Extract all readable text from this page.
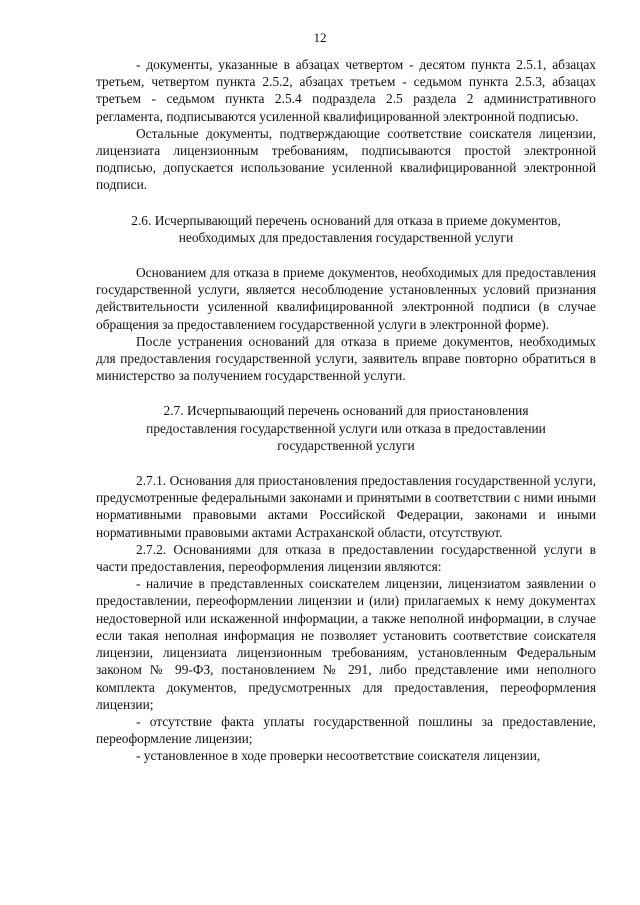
12

- документы, указанные в абзацах четвертом - десятом пункта 2.5.1, абзацах третьем, четвертом пункта 2.5.2, абзацах третьем - седьмом пункта 2.5.3, абзацах третьем - седьмом пункта 2.5.4 подраздела 2.5 раздела 2 административного регламента, подписываются усиленной квалифицированной электронной подписью.

Остальные документы, подтверждающие соответствие соискателя лицензии, лицензиата лицензионным требованиям, подписываются простой электронной подписью, допускается использование усиленной квалифицированной электронной подписи.

2.6. Исчерпывающий перечень оснований для отказа в приеме документов, необходимых для предоставления государственной услуги

Основанием для отказа в приеме документов, необходимых для предоставления государственной услуги, является несоблюдение установленных условий признания действительности усиленной квалифицированной электронной подписи (в случае обращения за предоставлением государственной услуги в электронной форме).

После устранения оснований для отказа в приеме документов, необходимых для предоставления государственной услуги, заявитель вправе повторно обратиться в министерство за получением государственной услуги.

2.7. Исчерпывающий перечень оснований для приостановления предоставления государственной услуги или отказа в предоставлении государственной услуги

2.7.1. Основания для приостановления предоставления государственной услуги, предусмотренные федеральными законами и принятыми в соответствии с ними иными нормативными правовыми актами Российской Федерации, законами и иными нормативными правовыми актами Астраханской области, отсутствуют.

2.7.2. Основаниями для отказа в предоставлении государственной услуги в части предоставления, переоформления лицензии являются:

- наличие в представленных соискателем лицензии, лицензиатом заявлении о предоставлении, переоформлении лицензии и (или) прилагаемых к нему документах недостоверной или искаженной информации, а также неполной информации, в случае если такая неполная информация не позволяет установить соответствие соискателя лицензии, лицензиата лицензионным требованиям, установленным Федеральным законом № 99-ФЗ, постановлением № 291, либо представление ими неполного комплекта документов, предусмотренных для предоставления, переоформления лицензии;

- отсутствие факта уплаты государственной пошлины за предоставление, переоформление лицензии;

- установленное в ходе проверки несоответствие соискателя лицензии,
